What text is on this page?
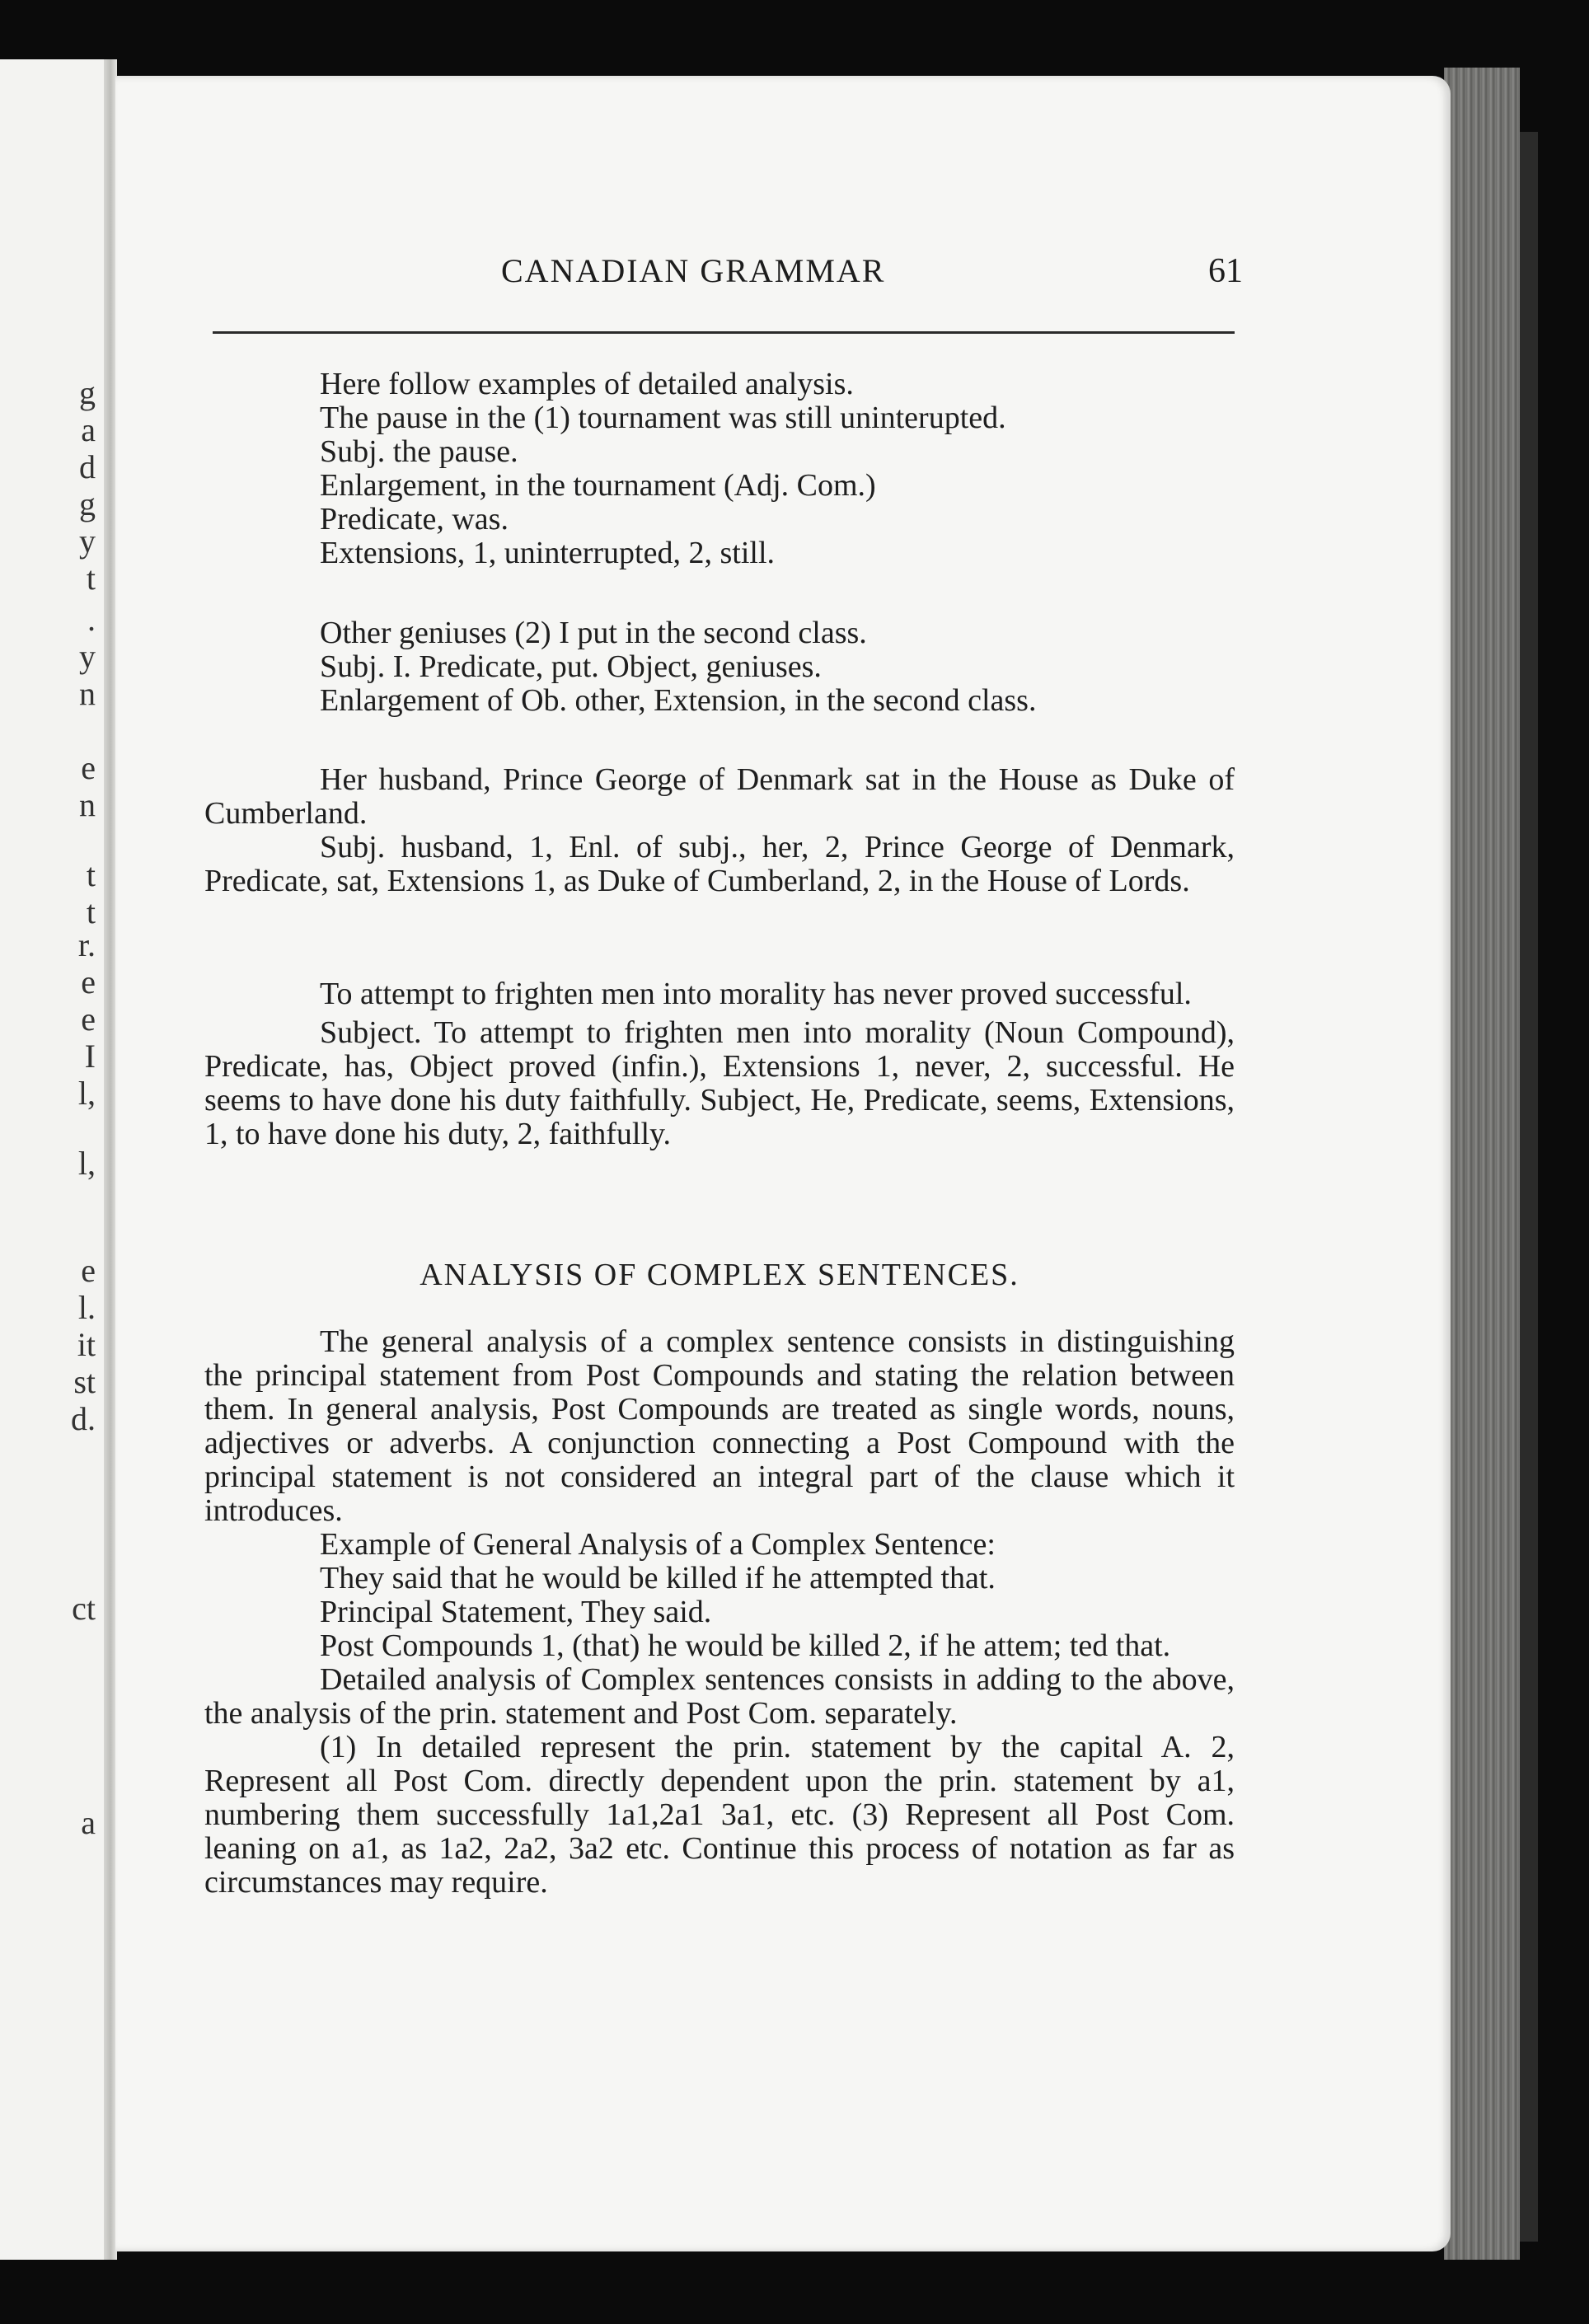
g
a
d
g
y
t
.
y
n
e
n
t
t
r.
e
e
I
l,
l,
e
l.
it
st
d.
ct
a
CANADIAN GRAMMAR	61
Here follow examples of detailed analysis.
The pause in the (1) tournament was still uninterupted.
Subj. the pause.
Enlargement, in the tournament (Adj. Com.)
Predicate, was.
Extensions, 1, uninterrupted, 2, still.
Other geniuses (2) I put in the second class.
Subj. I. Predicate, put. Object, geniuses.
Enlargement of Ob. other, Extension, in the second class.

Her husband, Prince George of Denmark sat in the House as Duke of Cumberland.

Subj. husband, 1, Enl. of subj., her, 2, Prince George of Denmark, Predicate, sat, Extensions 1, as Duke of Cumberland, 2, in the House of Lords.

To attempt to frighten men into morality has never proved successful.

Subject. To attempt to frighten men into morality (Noun Compound), Predicate, has, Object proved (infin.), Extensions 1, never, 2, successful. He seems to have done his duty faithfully. Subject, He, Predicate, seems, Extensions, 1, to have done his duty, 2, faithfully.

ANALYSIS OF COMPLEX SENTENCES.

The general analysis of a complex sentence consists in distinguishing the principal statement from Post Compounds and stating the relation between them. In general analysis, Post Compounds are treated as single words, nouns, adjectives or adverbs. A conjunction connecting a Post Compound with the principal statement is not considered an integral part of the clause which it introduces.

Example of General Analysis of a Complex Sentence:

They said that he would be killed if he attempted that.

Principal Statement, They said.

Post Compounds 1, (that) he would be killed 2, if he attem; ted that.

Detailed analysis of Complex sentences consists in adding to the above, the analysis of the prin. statement and Post Com. separately.

(1) In detailed represent the prin. statement by the capital A. 2, Represent all Post Com. directly dependent upon the prin. statement by a1, numbering them successfully 1a1,2a1 3a1, etc. (3) Represent all Post Com. leaning on a1, as 1a2, 2a2, 3a2 etc. Continue this process of notation as far as circumstances may require.
